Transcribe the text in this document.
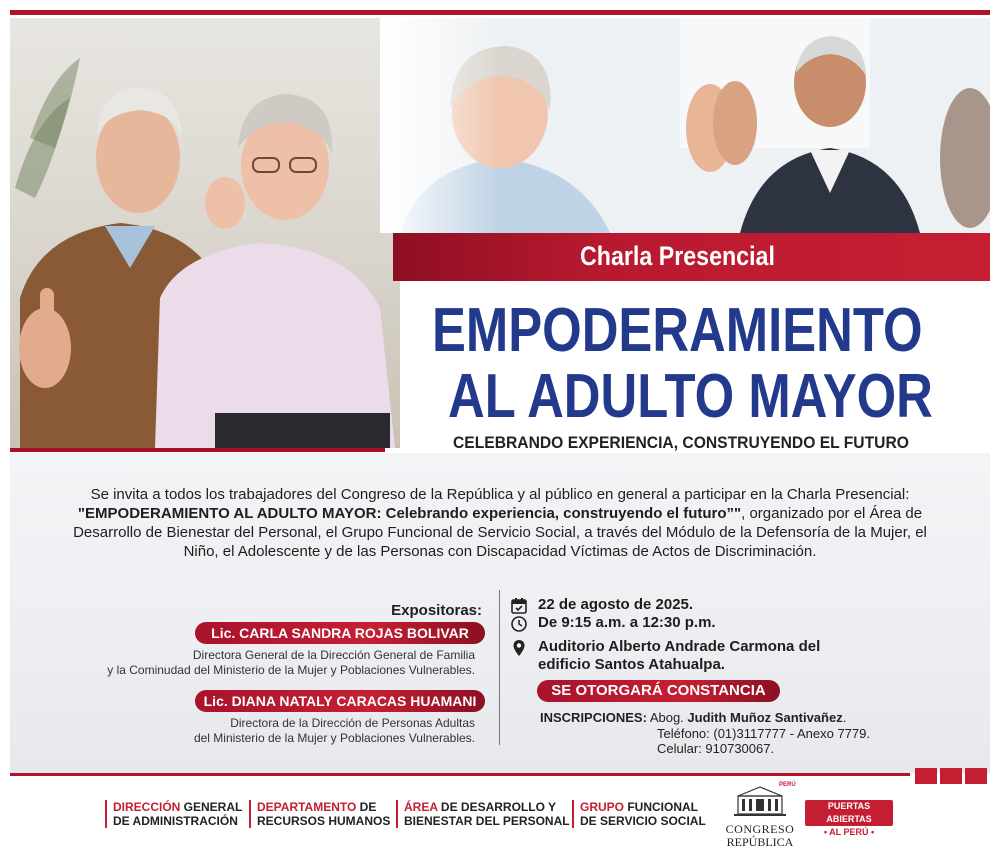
Charla Presencial
EMPODERAMIENTO
AL ADULTO MAYOR
CELEBRANDO EXPERIENCIA, CONSTRUYENDO EL FUTURO
Se invita a todos los trabajadores del Congreso de la República y al público en general a participar en la Charla Presencial: "EMPODERAMIENTO AL ADULTO MAYOR: Celebrando experiencia, construyendo el futuro”", organizado por el Área de Desarrollo de Bienestar del Personal, el Grupo Funcional de Servicio Social, a través del Módulo de la Defensoría de la Mujer, el Niño, el Adolescente y de las Personas con Discapacidad Víctimas de Actos de Discriminación.
Expositoras:
Lic. CARLA SANDRA ROJAS BOLIVAR
Directora General de la Dirección General de Familia
y la Cominudad del Ministerio de la Mujer y Poblaciones Vulnerables.
Lic. DIANA NATALY CARACAS HUAMANI
Directora de la Dirección de Personas Adultas
del Ministerio de la Mujer y Poblaciones Vulnerables.
22 de agosto de 2025.
De 9:15 a.m. a 12:30 p.m.
Auditorio Alberto Andrade Carmona del
edificio Santos Atahualpa.
SE OTORGARÁ CONSTANCIA
INSCRIPCIONES: Abog. Judith Muñoz Santivañez.
Teléfono: (01)3117777 - Anexo 7779.
Celular: 910730067.
DIRECCIÓN GENERAL
DE ADMINISTRACIÓN
DEPARTAMENTO DE
RECURSOS HUMANOS
ÁREA DE DESARROLLO Y
BIENESTAR DEL PERSONAL
GRUPO FUNCIONAL
DE SERVICIO SOCIAL
PERÚ
CONGRESO
REPÚBLICA
PUERTAS ABIERTAS
• AL PERÚ •
